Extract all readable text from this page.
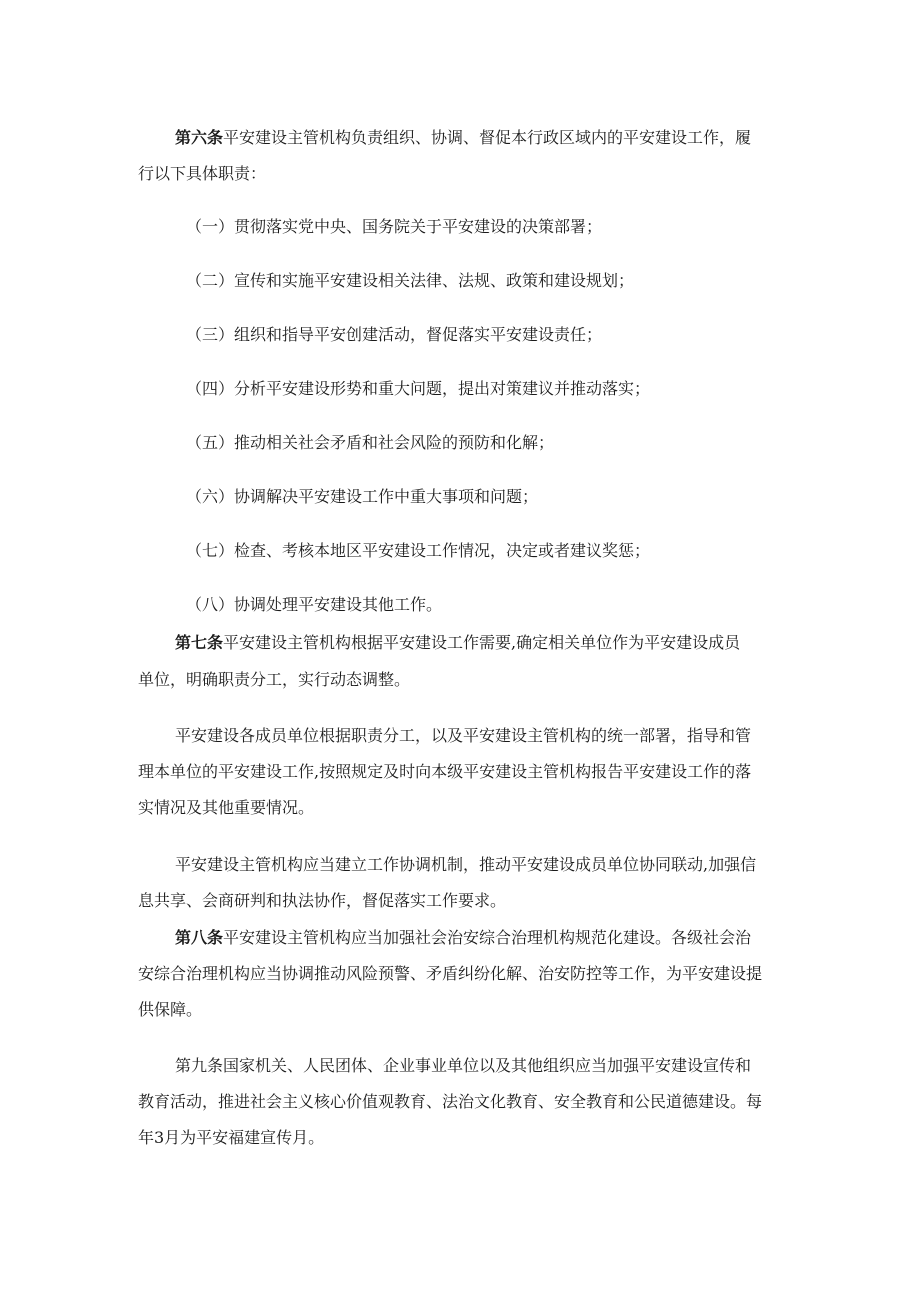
第六条平安建设主管机构负责组织、协调、督促本行政区域内的平安建设工作，履
行以下具体职责：
（一）贯彻落实党中央、国务院关于平安建设的决策部署；
（二）宣传和实施平安建设相关法律、法规、政策和建设规划；
（三）组织和指导平安创建活动，督促落实平安建设责任；
（四）分析平安建设形势和重大问题，提出对策建议并推动落实；
（五）推动相关社会矛盾和社会风险的预防和化解；
（六）协调解决平安建设工作中重大事项和问题；
（七）检查、考核本地区平安建设工作情况，决定或者建议奖惩；
（八）协调处理平安建设其他工作。
第七条平安建设主管机构根据平安建设工作需要,确定相关单位作为平安建设成员
单位，明确职责分工，实行动态调整。
平安建设各成员单位根据职责分工，以及平安建设主管机构的统一部署，指导和管
理本单位的平安建设工作,按照规定及时向本级平安建设主管机构报告平安建设工作的落
实情况及其他重要情况。
平安建设主管机构应当建立工作协调机制，推动平安建设成员单位协同联动,加强信
息共享、会商研判和执法协作，督促落实工作要求。
第八条平安建设主管机构应当加强社会治安综合治理机构规范化建设。各级社会治
安综合治理机构应当协调推动风险预警、矛盾纠纷化解、治安防控等工作，为平安建设提
供保障。
第九条国家机关、人民团体、企业事业单位以及其他组织应当加强平安建设宣传和
教育活动，推进社会主义核心价值观教育、法治文化教育、安全教育和公民道德建设。每
年3月为平安福建宣传月。
